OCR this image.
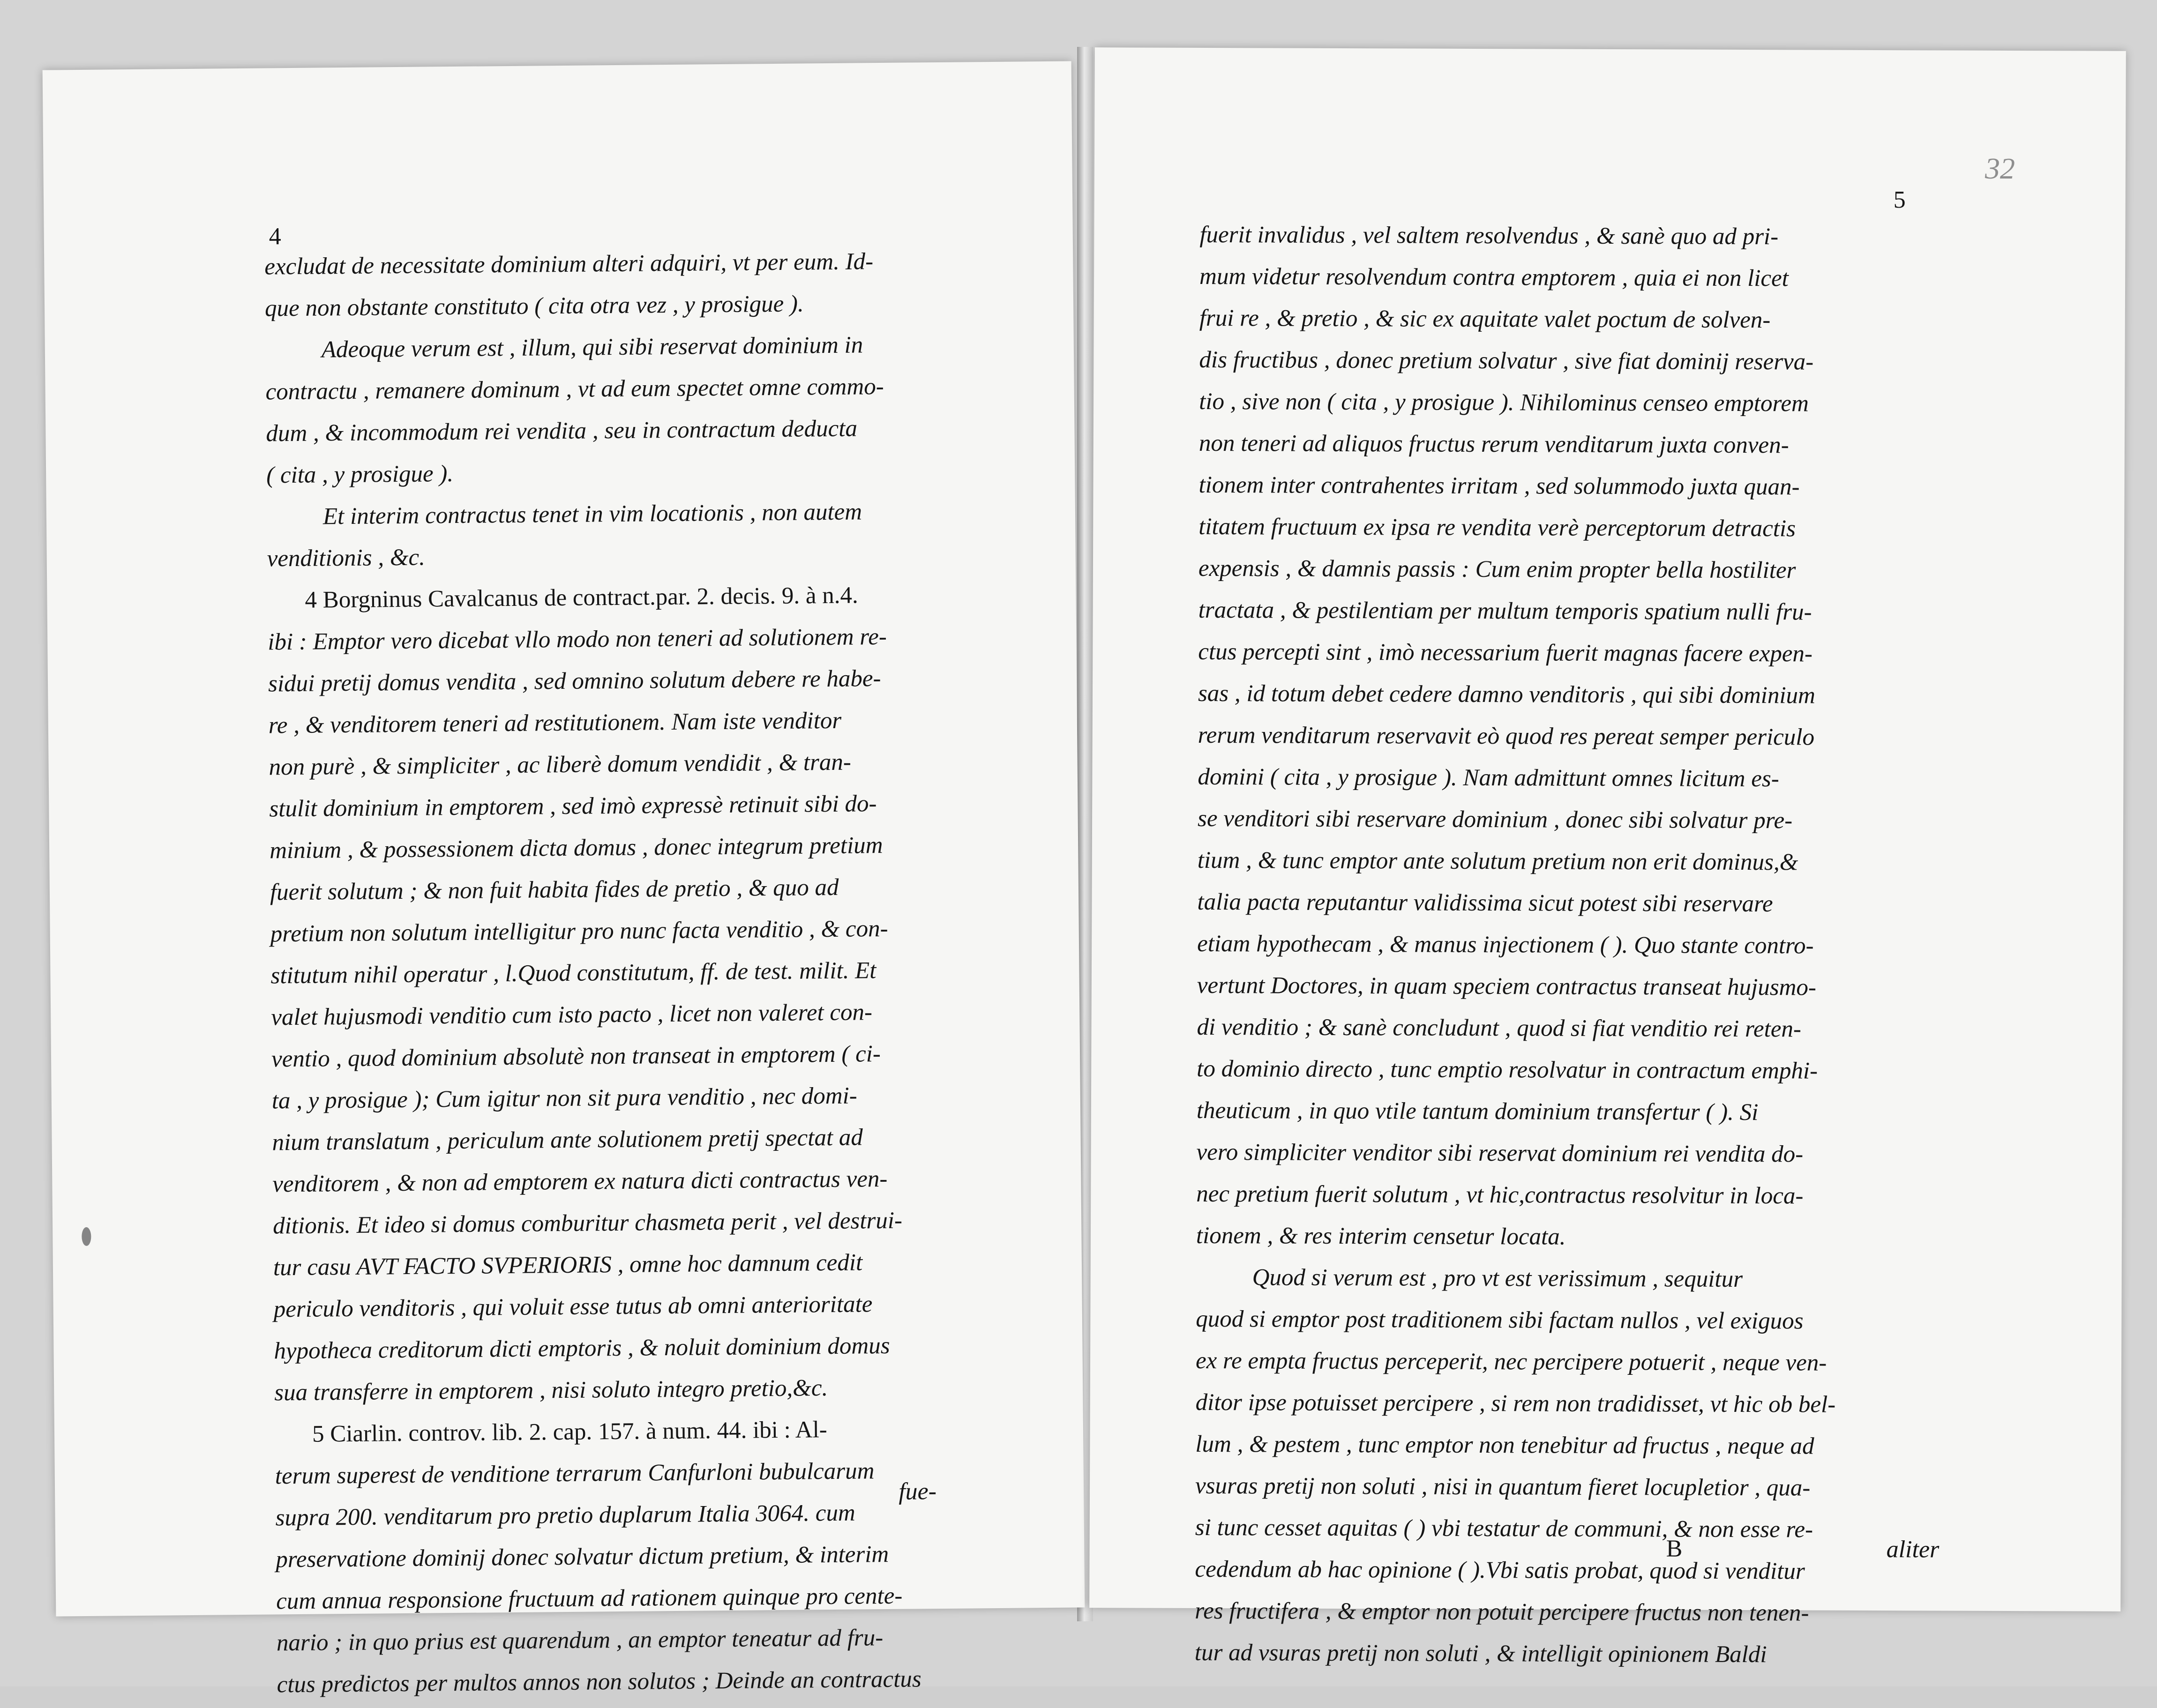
4

excludat de necessitate dominium alteri adquiri, vt per eum. Id-

que non obstante constituto ( cita otra vez , y prosigue ).

Adeoque verum est , illum, qui sibi reservat dominium in

contractu , remanere dominum , vt ad eum spectet omne commo-

dum , & incommodum rei vendita , seu in contractum deducta

( cita , y prosigue ).

Et interim contractus tenet in vim locationis , non autem

venditionis , &c.

4 Borgninus Cavalcanus de contract.par. 2. decis. 9. à n.4.

ibi : Emptor vero dicebat vllo modo non teneri ad solutionem re-

sidui pretij domus vendita , sed omnino solutum debere re habe-

re , & venditorem teneri ad restitutionem. Nam iste venditor

non purè , & simpliciter , ac liberè domum vendidit , & tran-

stulit dominium in emptorem , sed imò expressè retinuit sibi do-

minium , & possessionem dicta domus , donec integrum pretium

fuerit solutum ; & non fuit habita fides de pretio , & quo ad

pretium non solutum intelligitur pro nunc facta venditio , & con-

stitutum nihil operatur , l.Quod constitutum, ff. de test. milit. Et

valet hujusmodi venditio cum isto pacto , licet non valeret con-

ventio , quod dominium absolutè non transeat in emptorem ( ci-

ta , y prosigue ); Cum igitur non sit pura venditio , nec domi-

nium translatum , periculum ante solutionem pretij spectat ad

venditorem , & non ad emptorem ex natura dicti contractus ven-

ditionis. Et ideo si domus comburitur chasmeta perit , vel destrui-

tur casu AVT FACTO SVPERIORIS , omne hoc damnum cedit

periculo venditoris , qui voluit esse tutus ab omni anterioritate

hypotheca creditorum dicti emptoris , & noluit dominium domus

sua transferre in emptorem , nisi soluto integro pretio,&c.

5 Ciarlin. controv. lib. 2. cap. 157. à num. 44. ibi : Al-

terum superest de venditione terrarum Canfurloni bubulcarum

supra 200. venditarum pro pretio duplarum Italia 3064. cum

preservatione dominij donec solvatur dictum pretium, & interim

cum annua responsione fructuum ad rationem quinque pro cente-

nario ; in quo prius est quarendum , an emptor teneatur ad fru-

ctus predictos per multos annos non solutos ; Deinde an contractus

fue-
32
5

fuerit invalidus , vel saltem resolvendus , & sanè quo ad pri-

mum videtur resolvendum contra emptorem , quia ei non licet

frui re , & pretio , & sic ex aquitate valet poctum de solven-

dis fructibus , donec pretium solvatur , sive fiat dominij reserva-

tio , sive non ( cita , y prosigue ). Nihilominus censeo emptorem

non teneri ad aliquos fructus rerum venditarum juxta conven-

tionem inter contrahentes irritam , sed solummodo juxta quan-

titatem fructuum ex ipsa re vendita verè perceptorum detractis

expensis , & damnis passis : Cum enim propter bella hostiliter

tractata , & pestilentiam per multum temporis spatium nulli fru-

ctus percepti sint , imò necessarium fuerit magnas facere expen-

sas , id totum debet cedere damno venditoris , qui sibi dominium

rerum venditarum reservavit eò quod res pereat semper periculo

domini ( cita , y prosigue ). Nam admittunt omnes licitum es-

se venditori sibi reservare dominium , donec sibi solvatur pre-

tium , & tunc emptor ante solutum pretium non erit dominus,&

talia pacta reputantur validissima sicut potest sibi reservare

etiam hypothecam , & manus injectionem ( ). Quo stante contro-

vertunt Doctores, in quam speciem contractus transeat hujusmo-

di venditio ; & sanè concludunt , quod si fiat venditio rei reten-

to dominio directo , tunc emptio resolvatur in contractum emphi-

theuticum , in quo vtile tantum dominium transfertur ( ). Si

vero simpliciter venditor sibi reservat dominium rei vendita do-

nec pretium fuerit solutum , vt hic,contractus resolvitur in loca-

tionem , & res interim censetur locata.

Quod si verum est , pro vt est verissimum , sequitur

quod si emptor post traditionem sibi factam nullos , vel exiguos

ex re empta fructus perceperit, nec percipere potuerit , neque ven-

ditor ipse potuisset percipere , si rem non tradidisset, vt hic ob bel-

lum , & pestem , tunc emptor non tenebitur ad fructus , neque ad

vsuras pretij non soluti , nisi in quantum fieret locupletior , qua-

si tunc cesset aquitas ( ) vbi testatur de communi, & non esse re-

cedendum ab hac opinione ( ).Vbi satis probat, quod si venditur

res fructifera , & emptor non potuit percipere fructus non tenen-

tur ad vsuras pretij non soluti , & intelligit opinionem Baldi

B	aliter
